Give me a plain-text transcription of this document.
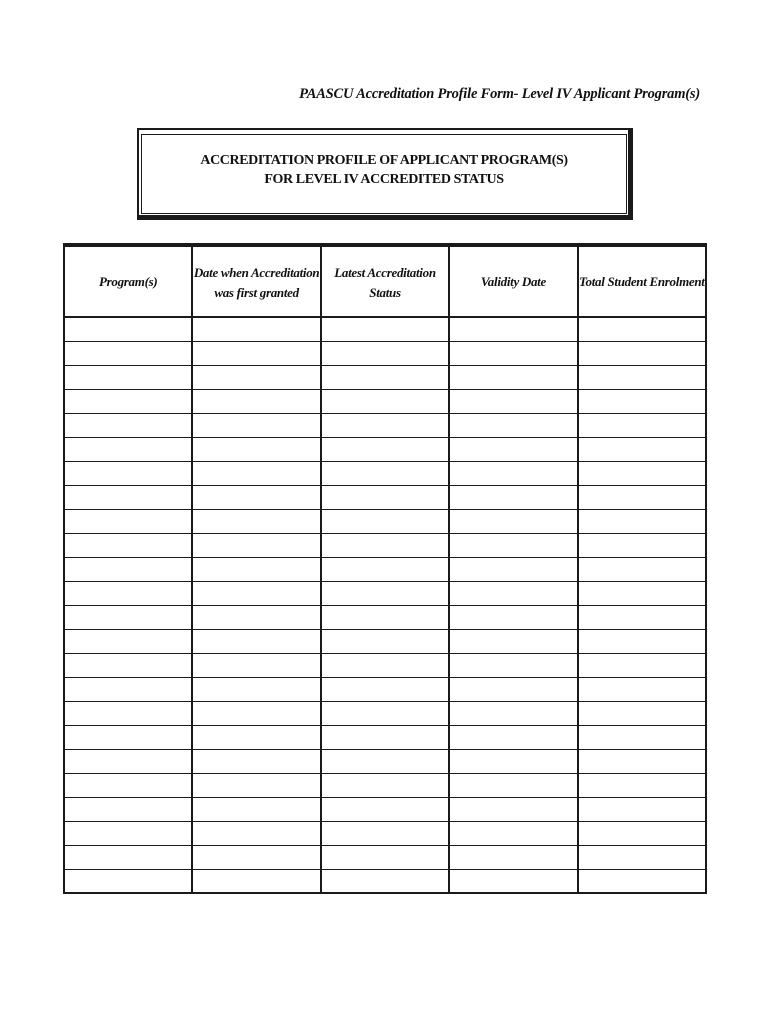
PAASCU Accreditation Profile Form- Level IV Applicant Program(s)
ACCREDITATION PROFILE OF APPLICANT PROGRAM(S)
FOR LEVEL IV ACCREDITED STATUS
Program(s)
Date when Accreditation
was first granted
Latest Accreditation
Status
Validity Date	Total Student Enrolment
